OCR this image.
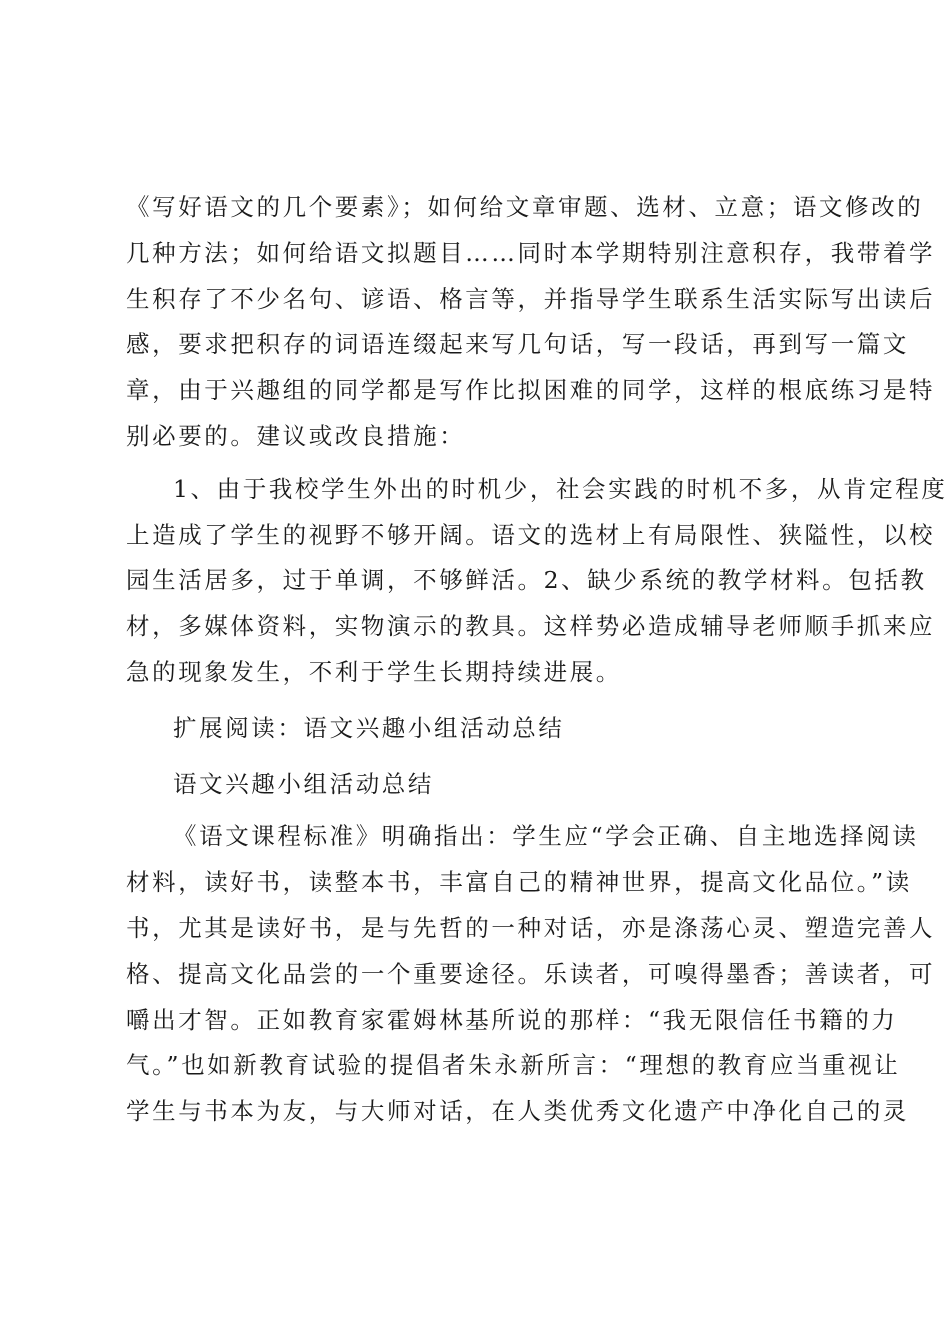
《写好语文的几个要素》；如何给文章审题、选材、立意；语文修改的
几种方法；如何给语文拟题目……同时本学期特别注意积存，我带着学
生积存了不少名句、谚语、格言等，并指导学生联系生活实际写出读后
感，要求把积存的词语连缀起来写几句话，写一段话，再到写一篇文
章，由于兴趣组的同学都是写作比拟困难的同学，这样的根底练习是特
别必要的。建议或改良措施：
1、由于我校学生外出的时机少，社会实践的时机不多，从肯定程度
上造成了学生的视野不够开阔。语文的选材上有局限性、狭隘性，以校
园生活居多，过于单调，不够鲜活。2、缺少系统的教学材料。包括教
材，多媒体资料，实物演示的教具。这样势必造成辅导老师顺手抓来应
急的现象发生，不利于学生长期持续进展。
扩展阅读：语文兴趣小组活动总结
语文兴趣小组活动总结
《语文课程标准》明确指出：学生应“学会正确、自主地选择阅读
材料，读好书，读整本书，丰富自己的精神世界，提高文化品位。”读
书，尤其是读好书，是与先哲的一种对话，亦是涤荡心灵、塑造完善人
格、提高文化品尝的一个重要途径。乐读者，可嗅得墨香；善读者，可
嚼出才智。正如教育家霍姆林基所说的那样：“我无限信任书籍的力
气。”也如新教育试验的提倡者朱永新所言：“理想的教育应当重视让
学生与书本为友，与大师对话，在人类优秀文化遗产中净化自己的灵
